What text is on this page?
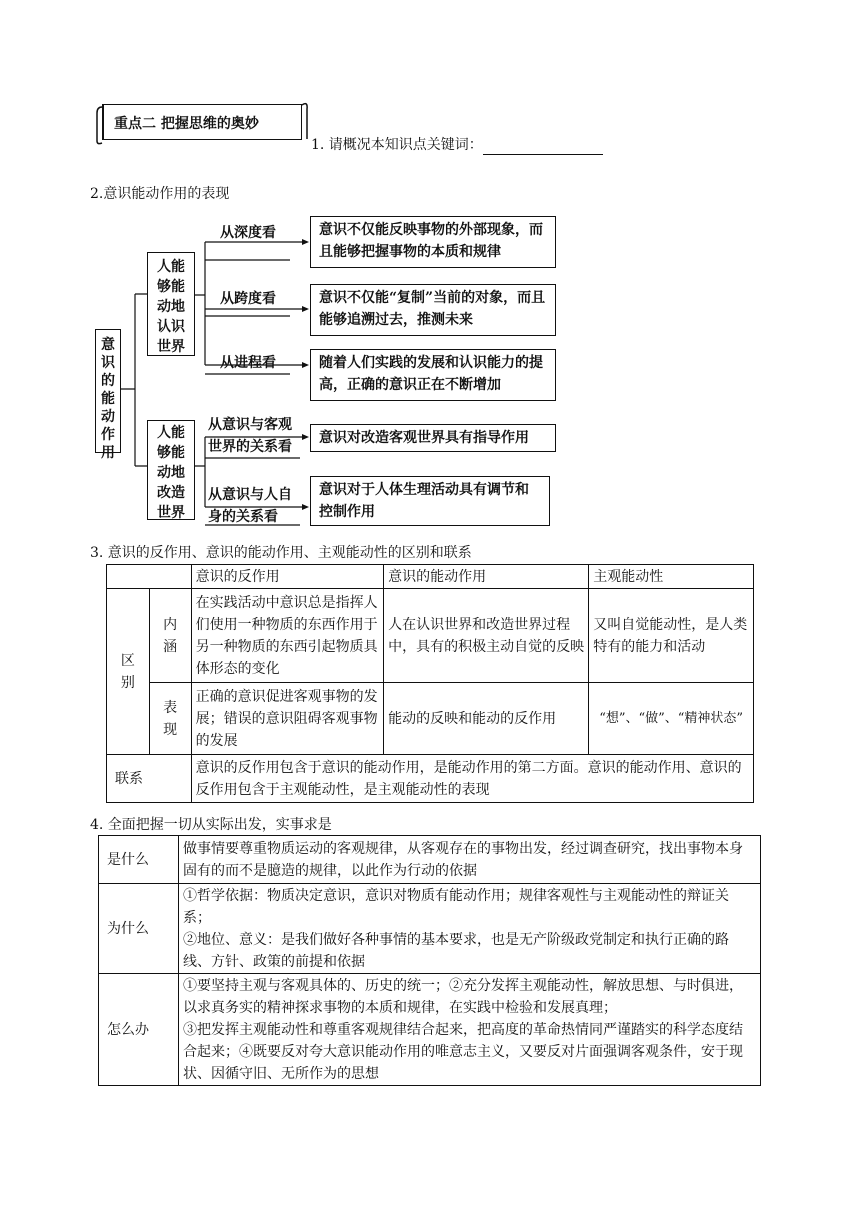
重点二 把握思维的奥妙
1. 请概况本知识点关键词：
2.意识能动作用的表现
意识的能动作用
人能够能动地认识世界
人能够能动地改造世界
从深度看
从跨度看
从进程看
从意识与客观世界的关系看
从意识与人自身的关系看
意识不仅能反映事物的外部现象，而且能够把握事物的本质和规律
意识不仅能“复制”当前的对象，而且能够追溯过去，推测未来
随着人们实践的发展和认识能力的提高，正确的意识正在不断增加
意识对改造客观世界具有指导作用
意识对于人体生理活动具有调节和控制作用
3. 意识的反作用、意识的能动作用、主观能动性的区别和联系
		意识的反作用	意识的能动作用	主观能动性
区别	内涵	在实践活动中意识总是指挥人们使用一种物质的东西作用于另一种物质的东西引起物质具体形态的变化	人在认识世界和改造世界过程中，具有的积极主动自觉的反映	又叫自觉能动性，是人类特有的能力和活动
	表现	正确的意识促进客观事物的发展；错误的意识阻碍客观事物的发展	能动的反映和能动的反作用	“想”、“做”、“精神状态”
联系		意识的反作用包含于意识的能动作用，是能动作用的第二方面。意识的能动作用、意识的反作用包含于主观能动性，是主观能动性的表现		
4. 全面把握一切从实际出发，实事求是
是什么	做事情要尊重物质运动的客观规律，从客观存在的事物出发，经过调查研究，找出事物本身固有的而不是臆造的规律，以此作为行动的依据
为什么	①哲学依据：物质决定意识，意识对物质有能动作用；规律客观性与主观能动性的辩证关系；
②地位、意义：是我们做好各种事情的基本要求，也是无产阶级政党制定和执行正确的路线、方针、政策的前提和依据
怎么办	①要坚持主观与客观具体的、历史的统一；②充分发挥主观能动性，解放思想、与时俱进，以求真务实的精神探求事物的本质和规律，在实践中检验和发展真理；
③把发挥主观能动性和尊重客观规律结合起来，把高度的革命热情同严谨踏实的科学态度结合起来；④既要反对夸大意识能动作用的唯意志主义，又要反对片面强调客观条件，安于现状、因循守旧、无所作为的思想
